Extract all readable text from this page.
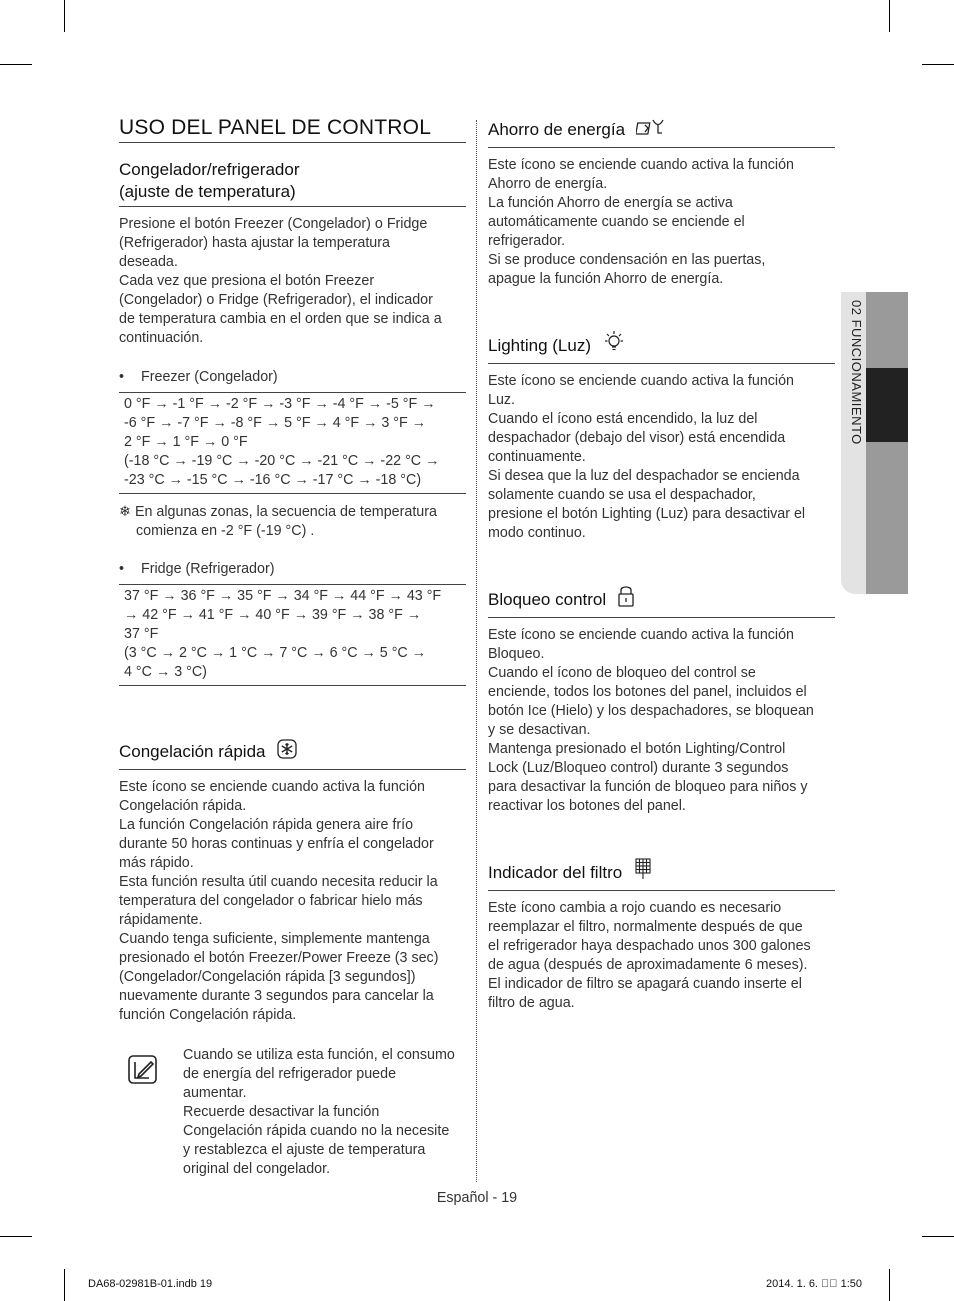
02 FUNCIONAMIENTO
USO DEL PANEL DE CONTROL
Congelador/refrigerador
(ajuste de temperatura)

Presione el botón Freezer (Congelador) o Fridge
(Refrigerador) hasta ajustar la temperatura
deseada.
Cada vez que presiona el botón Freezer
(Congelador) o Fridge (Refrigerador), el indicador
de temperatura cambia en el orden que se indica a
continuación.

• Freezer (Congelador)
0 °F → -1 °F → -2 °F → -3 °F → -4 °F → -5 °F →
-6 °F → -7 °F → -8 °F → 5 °F → 4 °F → 3 °F →
2 °F → 1 °F → 0 °F
(-18 °C → -19 °C → -20 °C → -21 °C → -22 °C →
-23 °C → -15 °C → -16 °C → -17 °C → -18 °C)
❄ En algunas zonas, la secuencia de temperatura
comienza en -2 °F (-19 °C) .
• Fridge (Refrigerador)
37 °F → 36 °F → 35 °F → 34 °F → 44 °F → 43 °F
→ 42 °F → 41 °F → 40 °F → 39 °F → 38 °F →
37 °F
(3 °C → 2 °C → 1 °C → 7 °C → 6 °C → 5 °C →
4 °C → 3 °C)
Congelación rápida

Este ícono se enciende cuando activa la función
Congelación rápida.
La función Congelación rápida genera aire frío
durante 50 horas continuas y enfría el congelador
más rápido.
Esta función resulta útil cuando necesita reducir la
temperatura del congelador o fabricar hielo más
rápidamente.
Cuando tenga suficiente, simplemente mantenga
presionado el botón Freezer/Power Freeze (3 sec)
(Congelador/Congelación rápida [3 segundos])
nuevamente durante 3 segundos para cancelar la
función Congelación rápida.

Cuando se utiliza esta función, el consumo
de energía del refrigerador puede
aumentar.
Recuerde desactivar la función
Congelación rápida cuando no la necesite
y restablezca el ajuste de temperatura
original del congelador.

Ahorro de energía

Este ícono se enciende cuando activa la función
Ahorro de energía.
La función Ahorro de energía se activa
automáticamente cuando se enciende el
refrigerador.
Si se produce condensación en las puertas,
apague la función Ahorro de energía.

Lighting (Luz)

Este ícono se enciende cuando activa la función
Luz.
Cuando el ícono está encendido, la luz del
despachador (debajo del visor) está encendida
continuamente.
Si desea que la luz del despachador se encienda
solamente cuando se usa el despachador,
presione el botón Lighting (Luz) para desactivar el
modo continuo.

Bloqueo control

Este ícono se enciende cuando activa la función
Bloqueo.
Cuando el ícono de bloqueo del control se
enciende, todos los botones del panel, incluidos el
botón Ice (Hielo) y los despachadores, se bloquean
y se desactivan.
Mantenga presionado el botón Lighting/Control
Lock (Luz/Bloqueo control) durante 3 segundos
para desactivar la función de bloqueo para niños y
reactivar los botones del panel.

Indicador del filtro

Este ícono cambia a rojo cuando es necesario
reemplazar el filtro, normalmente después de que
el refrigerador haya despachado unos 300 galones
de agua (después de aproximadamente 6 meses).
El indicador de filtro se apagará cuando inserte el
filtro de agua.

Español - 19
DA68-02981B-01.indb 19	2014. 1. 6. ￿￿ 1:50
